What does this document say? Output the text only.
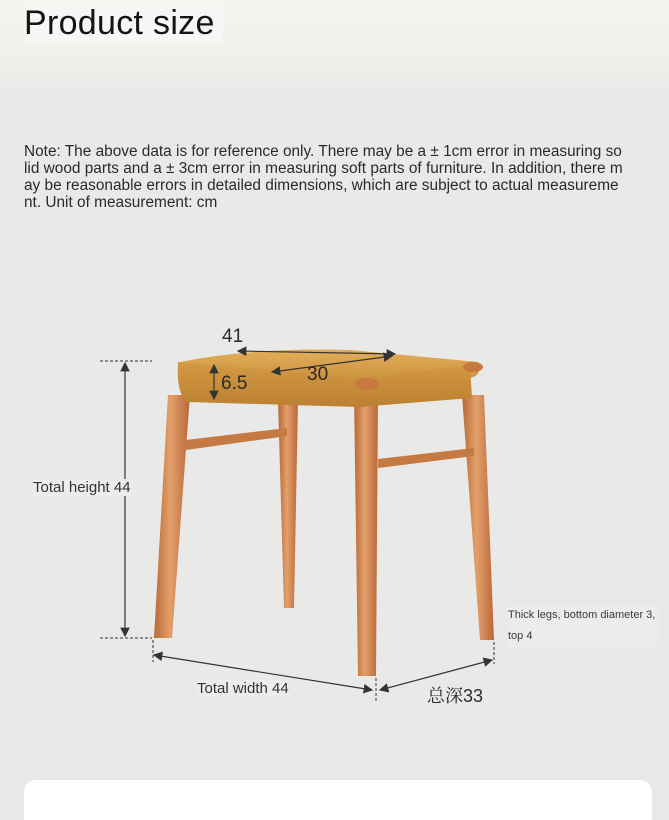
Product size
Note: The above data is for reference only. There may be a ± 1cm error in measuring solid wood parts and a ± 3cm error in measuring soft parts of furniture. In addition, there may be reasonable errors in detailed dimensions, which are subject to actual measurement. Unit of measurement: cm
41
30
6.5
Total height 44
Total width 44	总深33
Thick legs, bottom diameter 3, top 4
